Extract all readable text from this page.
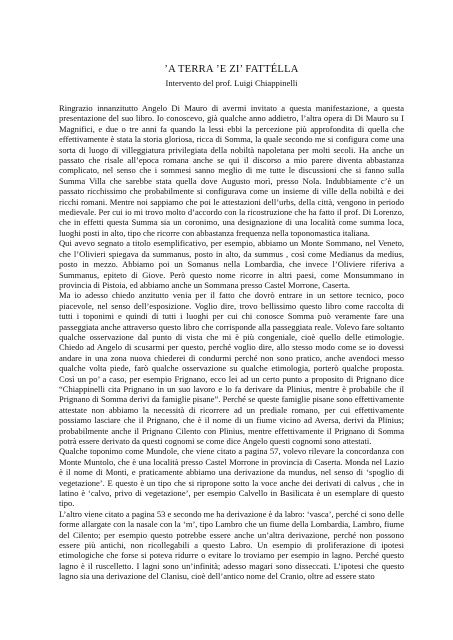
’A TERRA ’E ZI’ FATTÉLLA
Intervento del prof. Luigi Chiappinelli

Ringrazio innanzitutto Angelo Di Mauro di avermi invitato a questa manifestazione, a questa presentazione del suo libro. Io conoscevo, già qualche anno addietro, l’altra opera di Di Mauro su I Magnifici, e due o tre anni fa quando la lessi ebbi la percezione più approfondita di quella che effettivamente è stata la storia gloriosa, ricca di Somma, la quale secondo me si configura come una sorta di luogo di villeggiatura privilegiata della nobiltà napoletana per molti secoli. Ha anche un passato che risale all’epoca romana anche se qui il discorso a mio parere diventa abbastanza complicato, nel senso che i sommesi sanno meglio di me tutte le discussioni che si fanno sulla Summa Villa che sarebbe stata quella dove Augusto morì, presso Nola. Indubbiamente c’è un passato ricchissimo che probabilmente si configurava come un insieme di ville della nobiltà e dei ricchi romani. Mentre noi sappiamo che poi le attestazioni dell’urbs, della città, vengono in periodo medievale. Per cui io mi trovo molto d’accordo con la ricostruzione che ha fatto il prof. Di Lorenzo, che in effetti questa Summa sia un coronimo, una designazione di una località come summa loca, luoghi posti in alto, tipo che ricorre con abbastanza frequenza nella toponomastica italiana.

Qui avevo segnato a titolo esemplificativo, per esempio, abbiamo un Monte Sommano, nel Veneto, che l’Olivieri spiegava da summanus, posto in alto, da summus , così come Medianus da medius, posto in mezzo. Abbiamo poi un Somanus nella Lombardia, che invece l’Oliviere riferiva a Summanus, epiteto di Giove. Però questo nome ricorre in altri paesi, come Monsummano in provincia di Pistoia, ed abbiamo anche un Sommana presso Castel Morrone, Caserta.

Ma io adesso chiedo anzitutto venia per il fatto che dovrò entrare in un settore tecnico, poco piacevole, nel senso dell’esposizione. Voglio dire, trovo bellissimo questo libro come raccolta di tutti i toponimi e quindi di tutti i luoghi per cui chi conosce Somma può veramente fare una passeggiata anche attraverso questo libro che corrisponde alla passeggiata reale. Volevo fare soltanto qualche osservazione dal punto di vista che mi è più congeniale, cioè quello delle etimologie. Chiedo ad Angelo di scusarmi per questo, perché voglio dire, allo stesso modo come se io dovessi andare in una zona nuova chiederei di condurmi perché non sono pratico, anche avendoci messo qualche volta piede, farò qualche osservazione su qualche etimologia, porterò qualche proposta. Così un po’ a caso, per esempio Frignano, ecco lei ad un certo punto a proposito di Prignano dice “Chiappinelli cita Prignano in un suo lavoro e lo fa derivare da Plinius, mentre è probabile che il Prignano di Somma derivi da famiglie pisane”. Perché se queste famiglie pisane sono effettivamente attestate non abbiamo la necessità di ricorrere ad un prediale romano, per cui effettivamente possiamo lasciare che il Prignano, che è il nome di un fiume vicino ad Aversa, derivi da Plinius; probabilmente anche il Prignano Cilento con Plinius, mentre effettivamente il Prignano di Somma potrà essere derivato da questi cognomi se come dice Angelo questi cognomi sono attestati.

Qualche toponimo come Mundole, che viene citato a pagina 57, volevo rilevare la concordanza con Monte Muntolo, che è una località presso Castel Morrone in provincia di Caserta. Monda nel Lazio è il nome di Monti, e praticamente abbiamo una derivazione da mundus, nel senso di ‘spoglio di vegetazione’. E questo è un tipo che si ripropone sotto la voce anche dei derivati di calvus , che in latino è ‘calvo, privo di vegetazione’, per esempio Calvello in Basilicata è un esemplare di questo tipo.

L’altro viene citato a pagina 53 e secondo me ha derivazione è da labro: ‘vasca’, perché ci sono delle forme allargate con la nasale con la ‘m’, tipo Lambro che un fiume della Lombardia, Lambro, fiume del Cilento; per esempio questo potrebbe essere anche un’altra derivazione, perché non possono essere più antichi, non ricollegabili a questo Labro. Un esempio di proliferazione di ipotesi etimologiche che forse si poteva ridurre o evitare lo troviamo per esempio in lagno. Perché questo lagno è il ruscelletto. I lagni sono un’infinità; adesso magari sono disseccati. L’ipotesi che questo lagno sia una derivazione del Clanisu, cioè dell’antico nome del Cranio, oltre ad essere stato
